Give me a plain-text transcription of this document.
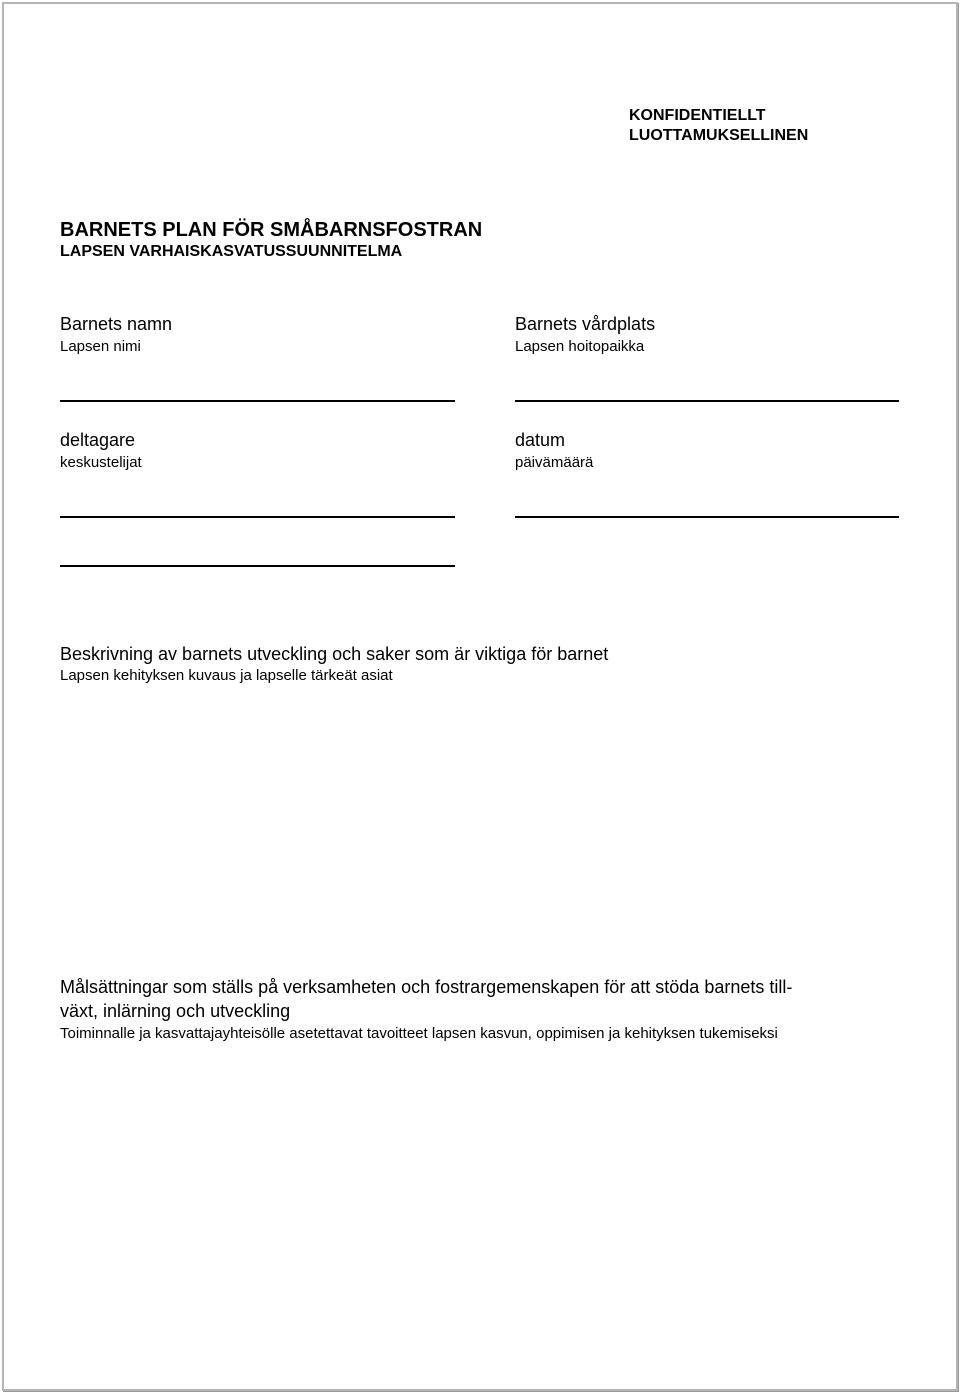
KONFIDENTIELLT
LUOTTAMUKSELLINEN
BARNETS PLAN FÖR SMÅBARNSFOSTRAN
LAPSEN VARHAISKASVATUSSUUNNITELMA
Barnets namn
Lapsen nimi
Barnets vårdplats
Lapsen hoitopaikka
deltagare
keskustelijat
datum
päivämäärä
Beskrivning av barnets utveckling och saker som är viktiga för barnet
Lapsen kehityksen kuvaus ja lapselle tärkeät asiat
Målsättningar som ställs på verksamheten och fostrargemenskapen för att stöda barnets till-
växt, inlärning och utveckling
Toiminnalle ja kasvattajayhteisölle asetettavat tavoitteet lapsen kasvun, oppimisen ja kehityksen tukemiseksi
